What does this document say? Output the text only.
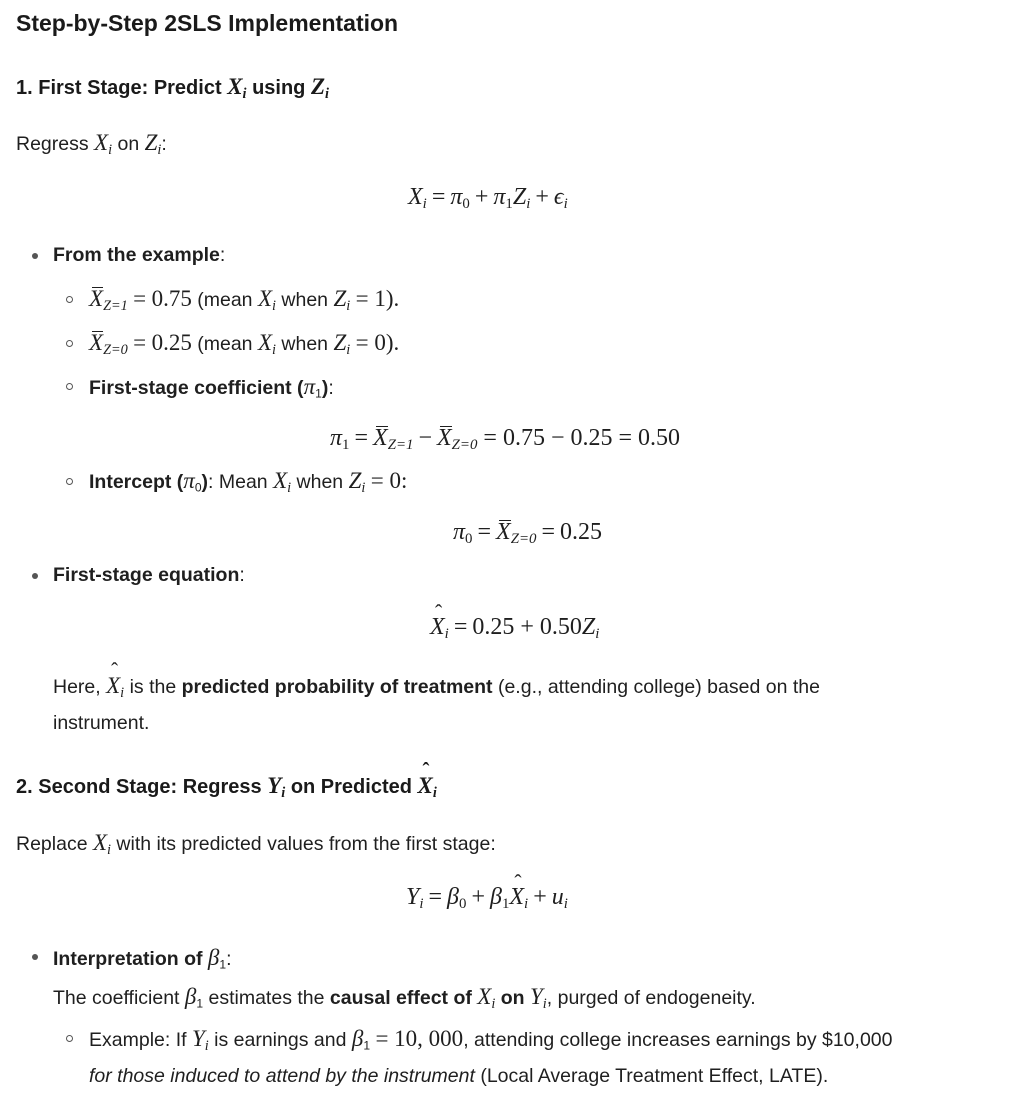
Step-by-Step 2SLS Implementation
1. First Stage: Predict $X_i$ using $Z_i$
Regress $X_i$ on $Z_i$:
$X_i = \pi_0 + \pi_1Z_i + \epsilon_i$
From the example:
$X_{Z=1} = 0.75$ (mean $X_i$ when $Z_i = 1$).
$X_{Z=0} = 0.25$ (mean $X_i$ when $Z_i = 0$).
First-stage coefficient $(\pi_1)$:
$\pi_1 = X_{Z=1} - X_{Z=0} = 0.75 - 0.25 = 0.50$
Intercept $(\pi_0)$: Mean $X_i$ when $Z_i = 0$:
$\pi_0 = X_{Z=0} = 0.25$
First-stage equation:
ˆ $X_i = 0.25 + 0.50Z_i$
Here, ˆ $X_i$ is the predicted probability of treatment (e.g., attending college) based on the
instrument.
2. Second Stage: Regress $Y_i$ on Predicted ˆ $X_i$
Replace $X_i$ with its predicted values from the first stage:
$Y_i = \beta_0$ + $\beta_1ˆ$ $X_i + u_i$
Interpretation of $\beta_1$:
The coefficient $\beta_1$ estimates the causal effect of $X_i$ on $Y_i$, purged of endogeneity.
Example: If $Y_i$ is earnings and $\beta_1 = 10$, 000, attending college increases earnings by $10,000
for those induced to attend by the instrument (Local Average Treatment Effect, LATE).
